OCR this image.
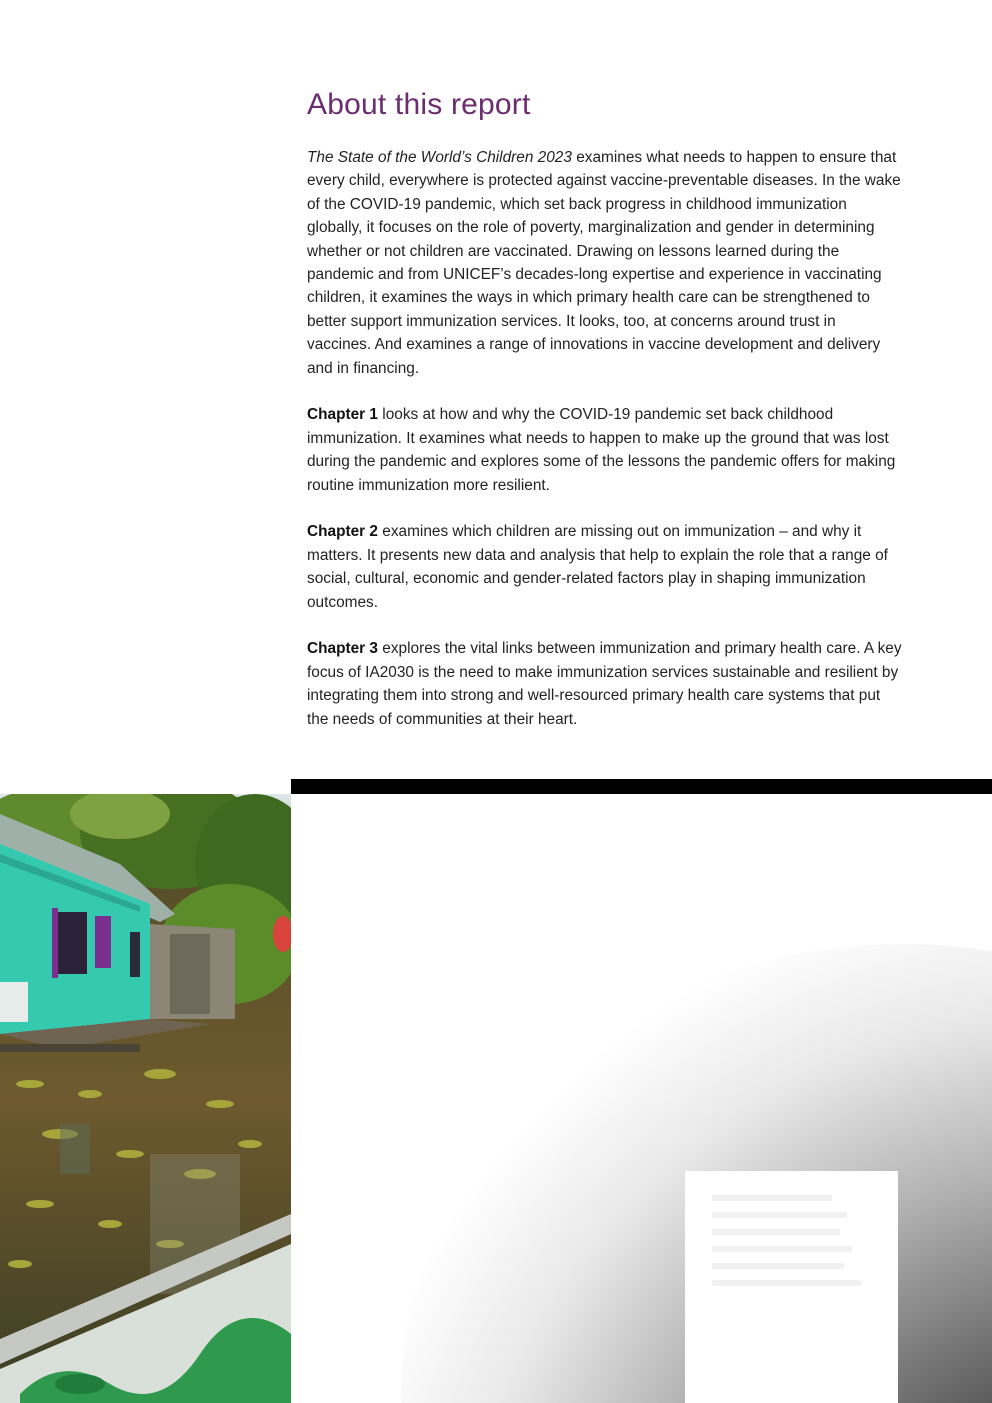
About this report

The State of the World’s Children 2023 examines what needs to happen to ensure that every child, everywhere is protected against vaccine-preventable diseases. In the wake of the COVID-19 pandemic, which set back progress in childhood immunization globally, it focuses on the role of poverty, marginalization and gender in determining whether or not children are vaccinated. Drawing on lessons learned during the pandemic and from UNICEF’s decades-long expertise and experience in vaccinating children, it examines the ways in which primary health care can be strengthened to better support immunization services. It looks, too, at concerns around trust in vaccines. And examines a range of innovations in vaccine development and delivery and in financing.

Chapter 1 looks at how and why the COVID-19 pandemic set back childhood immunization. It examines what needs to happen to make up the ground that was lost during the pandemic and explores some of the lessons the pandemic offers for making routine immunization more resilient.

Chapter 2 examines which children are missing out on immunization – and why it matters. It presents new data and analysis that help to explain the role that a range of social, cultural, economic and gender-related factors play in shaping immunization outcomes.

Chapter 3 explores the vital links between immunization and primary health care. A key focus of IA2030 is the need to make immunization services sustainable and resilient by integrating them into strong and well-resourced primary health care systems that put the needs of communities at their heart.
